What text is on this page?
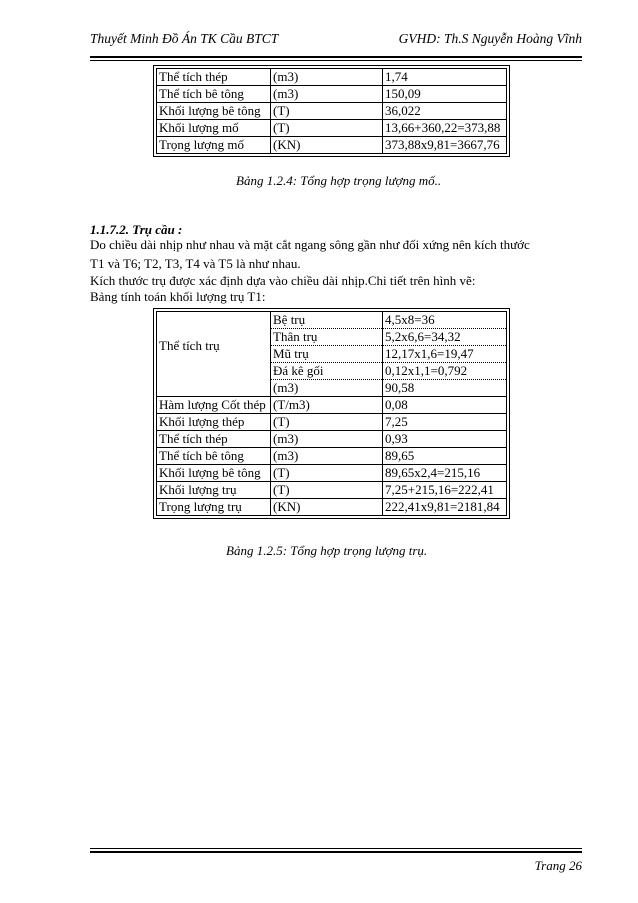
Thuyết Minh Đồ Án TK Cầu BTCT	GVHD: Th.S Nguyễn Hoàng Vĩnh
Thể tích thép	(m3)	1,74
Thể tích bê tông	(m3)	150,09
Khối lượng bê tông	(T)	36,022
Khối lượng mố	(T)	13,66+360,22=373,88
Trọng lượng mố	(KN)	373,88x9,81=3667,76
Bảng 1.2.4: Tổng hợp trọng lượng mố..
1.1.7.2. Trụ cầu :
Do chiều dài nhịp như nhau và mặt cắt ngang sông gần như đối xứng nên kích thước
T1 và T6; T2, T3, T4 và T5 là như nhau.
Kích thước trụ được xác định dựa vào chiều dài nhịp.Chi tiết trên hình vẽ:
Bảng tính toán khối lượng trụ T1:
Thể tích trụ	Bệ trụ	4,5x8=36
	Thân trụ	5,2x6,6=34,32
	Mũ trụ	12,17x1,6=19,47
	Đá kê gối	0,12x1,1=0,792
	(m3)	90,58
Hàm lượng Cốt thép	(T/m3)	0,08
Khối lượng thép	(T)	7,25
Thể tích thép	(m3)	0,93
Thể tích bê tông	(m3)	89,65
Khối lượng bê tông	(T)	89,65x2,4=215,16
Khối lượng trụ	(T)	7,25+215,16=222,41
Trọng lượng trụ	(KN)	222,41x9,81=2181,84
Bảng 1.2.5: Tổng hợp trọng lượng trụ.
Trang 26
